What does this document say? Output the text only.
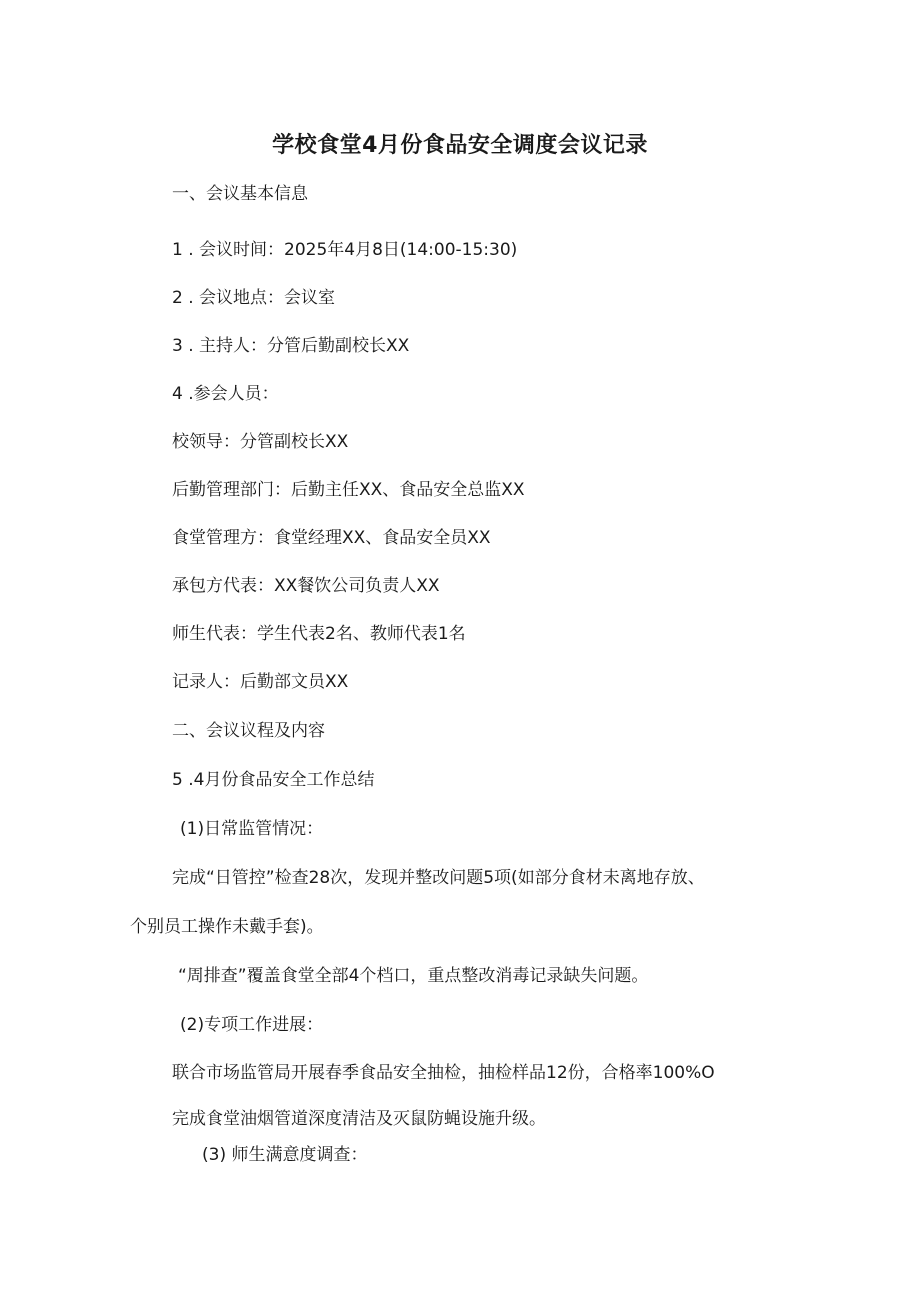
学校食堂4月份食品安全调度会议记录
一、会议基本信息
1 . 会议时间：2025年4月8日(14:00-15:30)
2 . 会议地点：会议室
3 . 主持人：分管后勤副校长XX
4 .参会人员：
校领导：分管副校长XX
后勤管理部门：后勤主任XX、食品安全总监XX
食堂管理方：食堂经理XX、食品安全员XX
承包方代表：XX餐饮公司负责人XX
师生代表：学生代表2名、教师代表1名
记录人：后勤部文员XX
二、会议议程及内容
5 .4月份食品安全工作总结
(1)日常监管情况：
完成“日管控”检查28次，发现并整改问题5项(如部分食材未离地存放、
个别员工操作未戴手套)。
“周排查”覆盖食堂全部4个档口，重点整改消毒记录缺失问题。
(2)专项工作进展：
联合市场监管局开展春季食品安全抽检，抽检样品12份，合格率100%O
完成食堂油烟管道深度清洁及灭鼠防蝇设施升级。
(3) 师生满意度调查：
